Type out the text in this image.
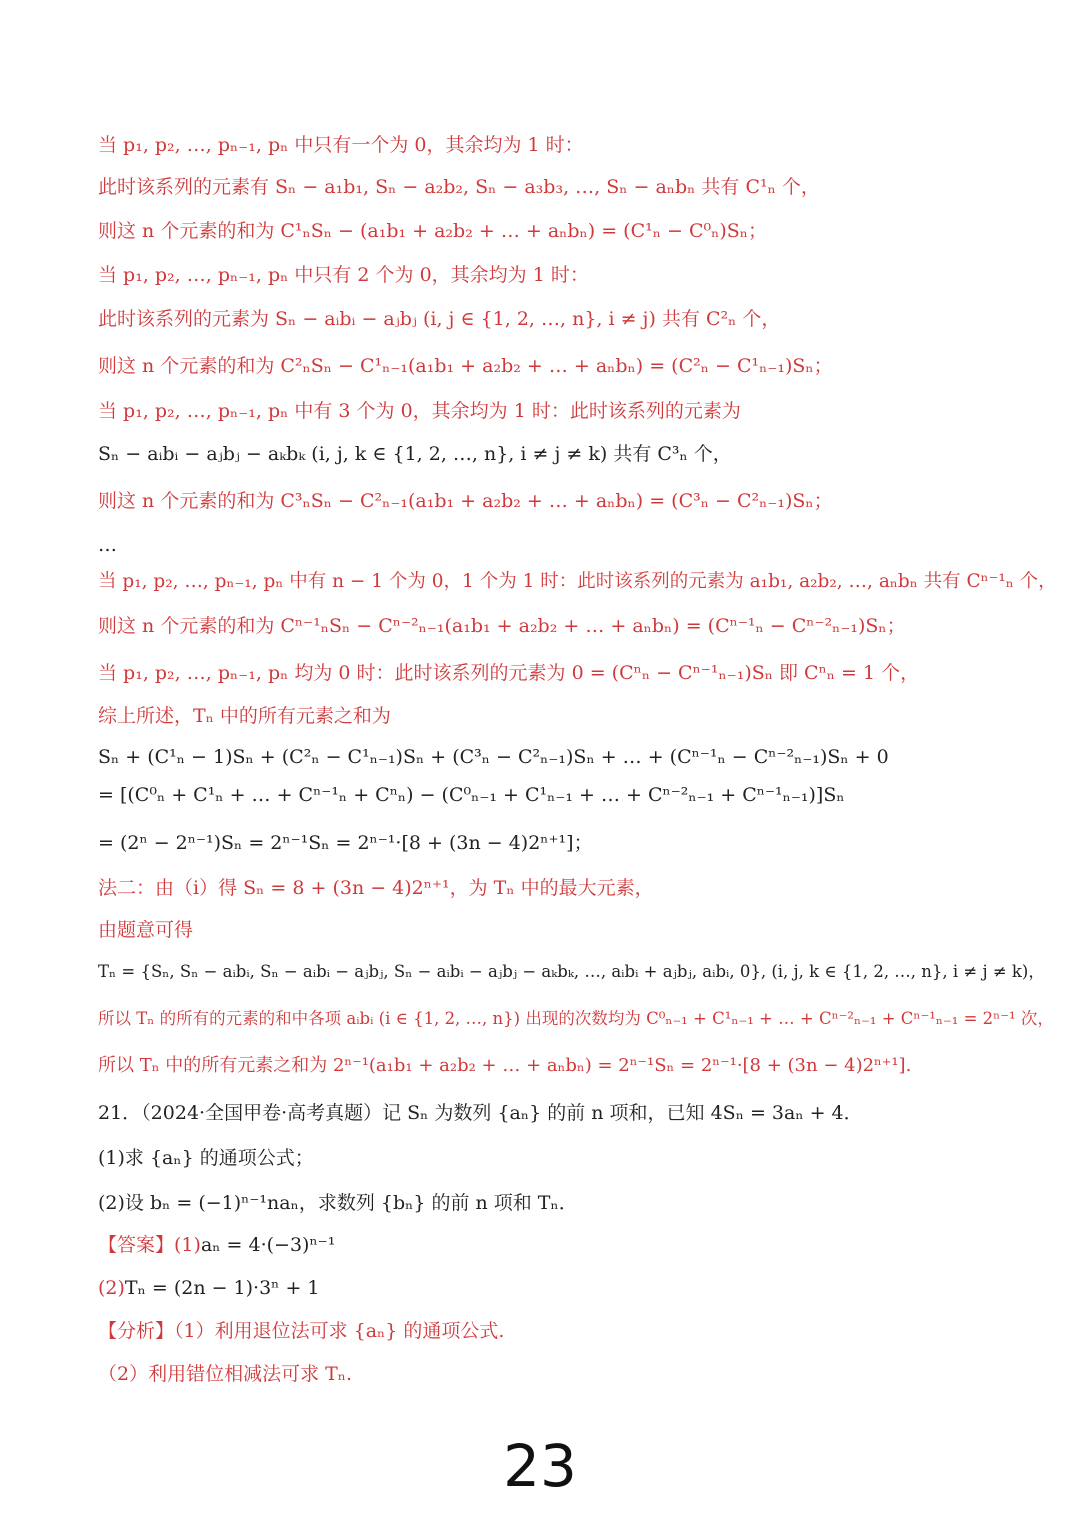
当 p₁, p₂, …, pₙ₋₁, pₙ 中只有一个为 0，其余均为 1 时：
此时该系列的元素有 Sₙ − a₁b₁, Sₙ − a₂b₂, Sₙ − a₃b₃, …, Sₙ − aₙbₙ 共有 C¹ₙ 个，
则这 n 个元素的和为 C¹ₙSₙ − (a₁b₁ + a₂b₂ + … + aₙbₙ) = (C¹ₙ − C⁰ₙ)Sₙ；
当 p₁, p₂, …, pₙ₋₁, pₙ 中只有 2 个为 0，其余均为 1 时：
此时该系列的元素为 Sₙ − aᵢbᵢ − aⱼbⱼ (i, j ∈ {1, 2, …, n}, i ≠ j) 共有 C²ₙ 个，
则这 n 个元素的和为 C²ₙSₙ − C¹ₙ₋₁(a₁b₁ + a₂b₂ + … + aₙbₙ) = (C²ₙ − C¹ₙ₋₁)Sₙ；
当 p₁, p₂, …, pₙ₋₁, pₙ 中有 3 个为 0，其余均为 1 时：此时该系列的元素为
Sₙ − aᵢbᵢ − aⱼbⱼ − aₖbₖ (i, j, k ∈ {1, 2, …, n}, i ≠ j ≠ k) 共有 C³ₙ 个，
则这 n 个元素的和为 C³ₙSₙ − C²ₙ₋₁(a₁b₁ + a₂b₂ + … + aₙbₙ) = (C³ₙ − C²ₙ₋₁)Sₙ；
…
当 p₁, p₂, …, pₙ₋₁, pₙ 中有 n − 1 个为 0，1 个为 1 时：此时该系列的元素为 a₁b₁, a₂b₂, …, aₙbₙ 共有 Cⁿ⁻¹ₙ 个，
则这 n 个元素的和为 Cⁿ⁻¹ₙSₙ − Cⁿ⁻²ₙ₋₁(a₁b₁ + a₂b₂ + … + aₙbₙ) = (Cⁿ⁻¹ₙ − Cⁿ⁻²ₙ₋₁)Sₙ；
当 p₁, p₂, …, pₙ₋₁, pₙ 均为 0 时：此时该系列的元素为 0 = (Cⁿₙ − Cⁿ⁻¹ₙ₋₁)Sₙ 即 Cⁿₙ = 1 个，
综上所述，Tₙ 中的所有元素之和为
Sₙ + (C¹ₙ − 1)Sₙ + (C²ₙ − C¹ₙ₋₁)Sₙ + (C³ₙ − C²ₙ₋₁)Sₙ + … + (Cⁿ⁻¹ₙ − Cⁿ⁻²ₙ₋₁)Sₙ + 0
= [(C⁰ₙ + C¹ₙ + … + Cⁿ⁻¹ₙ + Cⁿₙ) − (C⁰ₙ₋₁ + C¹ₙ₋₁ + … + Cⁿ⁻²ₙ₋₁ + Cⁿ⁻¹ₙ₋₁)]Sₙ
= (2ⁿ − 2ⁿ⁻¹)Sₙ = 2ⁿ⁻¹Sₙ = 2ⁿ⁻¹·[8 + (3n − 4)2ⁿ⁺¹]；
法二：由（i）得 Sₙ = 8 + (3n − 4)2ⁿ⁺¹，为 Tₙ 中的最大元素，
由题意可得
Tₙ = {Sₙ, Sₙ − aᵢbᵢ, Sₙ − aᵢbᵢ − aⱼbⱼ, Sₙ − aᵢbᵢ − aⱼbⱼ − aₖbₖ, …, aᵢbᵢ + aⱼbⱼ, aᵢbᵢ, 0}, (i, j, k ∈ {1, 2, …, n}, i ≠ j ≠ k)，
所以 Tₙ 的所有的元素的和中各项 aᵢbᵢ (i ∈ {1, 2, …, n}) 出现的次数均为 C⁰ₙ₋₁ + C¹ₙ₋₁ + … + Cⁿ⁻²ₙ₋₁ + Cⁿ⁻¹ₙ₋₁ = 2ⁿ⁻¹ 次，
所以 Tₙ 中的所有元素之和为 2ⁿ⁻¹(a₁b₁ + a₂b₂ + … + aₙbₙ) = 2ⁿ⁻¹Sₙ = 2ⁿ⁻¹·[8 + (3n − 4)2ⁿ⁺¹].
21．（2024·全国甲卷·高考真题）记 Sₙ 为数列 {aₙ} 的前 n 项和，已知 4Sₙ = 3aₙ + 4．
(1)求 {aₙ} 的通项公式；
(2)设 bₙ = (−1)ⁿ⁻¹naₙ，求数列 {bₙ} 的前 n 项和 Tₙ．
【答案】(1)aₙ = 4·(−3)ⁿ⁻¹
(2)Tₙ = (2n − 1)·3ⁿ + 1
【分析】（1）利用退位法可求 {aₙ} 的通项公式.
（2）利用错位相减法可求 Tₙ.
23
